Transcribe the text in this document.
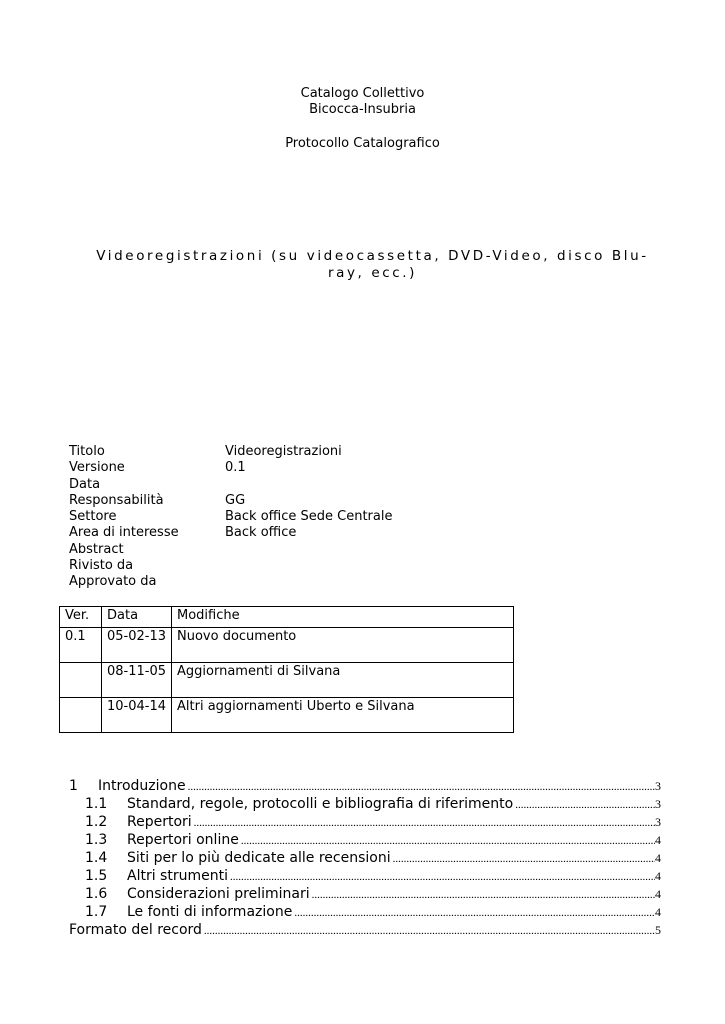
Catalogo Collettivo
Bicocca-Insubria
Protocollo Catalografico
Videoregistrazioni (su videocassetta, DVD-Video, disco Blu-ray, ecc.)
Titolo	Videoregistrazioni
Versione	0.1
Data
Responsabilità	GG
Settore	Back office Sede Centrale
Area di interesse	Back office
Abstract
Rivisto da
Approvato da
Ver.	Data	Modifiche
0.1	05-02-13	Nuovo documento
	08-11-05	Aggiornamenti di Silvana
	10-04-14	Altri aggiornamenti Uberto e Silvana
1	Introduzione .....	3
1.1	Standard, regole, protocolli e bibliografia di riferimento .....	3
1.2	Repertori .....	3
1.3	Repertori online .....	4
1.4	Siti per lo più dedicate alle recensioni .....	4
1.5	Altri strumenti .....	4
1.6	Considerazioni preliminari .....	4
1.7	Le fonti di informazione .....	4
Formato del record .....	5
